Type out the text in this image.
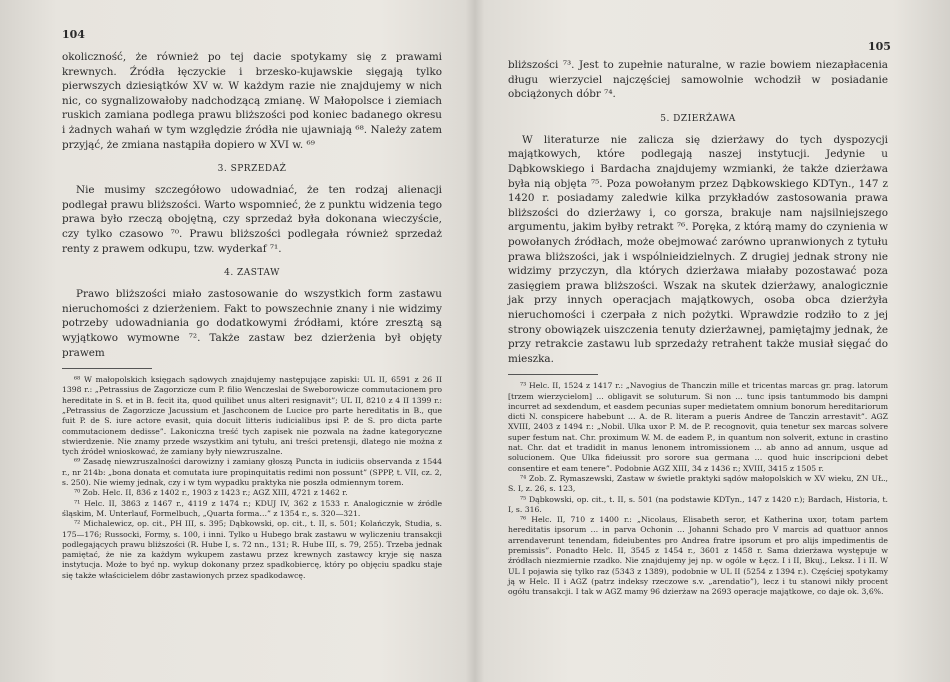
104

okoliczność, że również po tej dacie spotykamy się z prawami krewnych. Źródła łęczyckie i brzesko-kujawskie sięgają tylko pierwszych dziesiątków XV w. W każdym razie nie znajdujemy w nich nic, co sygnalizowałoby nadchodzącą zmianę. W Małopolsce i ziemiach ruskich zamiana podlega prawu bliższości pod koniec badanego okresu i żadnych wahań w tym względzie źródła nie ujawniają ⁶⁸. Należy zatem przyjąć, że zmiana nastąpiła dopiero w XVI w. ⁶⁹

3. SPRZEDAŻ

Nie musimy szczegółowo udowadniać, że ten rodzaj alienacji podlegał prawu bliższości. Warto wspomnieć, że z punktu widzenia tego prawa było rzeczą obojętną, czy sprzedaż była dokonana wieczyście, czy tylko czasowo ⁷⁰. Prawu bliższości podlegała również sprzedaż renty z prawem odkupu, tzw. wyderkaf ⁷¹.

4. ZASTAW

Prawo bliższości miało zastosowanie do wszystkich form zastawu nieruchomości z dzierżeniem. Fakt to powszechnie znany i nie widzimy potrzeby udowadniania go dodatkowymi źródłami, które zresztą są wyjątkowo wymowne ⁷². Także zastaw bez dzierżenia był objęty prawem

⁶⁸ W małopolskich księgach sądowych znajdujemy następujące zapiski: UL II, 6591 z 26 II 1398 r.: „Petrassius de Zagorzicze cum P. filio Wenczeslai de Sweborowicze commutacionem pro hereditate in S. et in B. fecit ita, quod quilibet unus alteri resignavit”; UL II, 8210 z 4 II 1399 r.: „Petrassius de Zagorzicze Jacussium et Jaschconem de Lucice pro parte hereditatis in B., que fuit P. de S. iure actore evasit, quia docuit litteris iudicialibus ipsi P. de S. pro dicta parte commutacionem dedisse”. Lakoniczna treść tych zapisek nie pozwala na żadne kategoryczne stwierdzenie. Nie znamy przede wszystkim ani tytułu, ani treści pretensji, dlatego nie można z tych źródeł wnioskować, że zamiany były niewzruszalne.

⁶⁹ Zasadę niewzruszalności darowizny i zamiany głoszą Puncta in iudiciis observanda z 1544 r., nr 214b: „bona donata et comutata iure propinquitatis redimi non possunt” (SPPP, t. VII, cz. 2, s. 250). Nie wiemy jednak, czy i w tym wypadku praktyka nie poszła odmiennym torem.

⁷⁰ Zob. Helc. II, 836 z 1402 r., 1903 z 1423 r.; AGZ XIII, 4721 z 1462 r.

⁷¹ Helc. II, 3863 z 1467 r., 4119 z 1474 r.; KDUJ IV, 362 z 1533 r. Analogicznie w źródle śląskim, M. Unterlauf, Formelbuch, „Quarta forma…” z 1354 r., s. 320—321.

⁷² Michalewicz, op. cit., PH III, s. 395; Dąbkowski, op. cit., t. II, s. 501; Kolańczyk, Studia, s. 175—176; Russocki, Formy, s. 100, i inni. Tylko u Hubego brak zastawu w wyliczeniu transakcji podlegających prawu bliższości (R. Hube I, s. 72 nn., 131; R. Hube III, s. 79, 255). Trzeba jednak pamiętać, że nie za każdym wykupem zastawu przez krewnych zastawcy kryje się nasza instytucja. Może to być np. wykup dokonany przez spadkobiercę, który po objęciu spadku staje się także właścicielem dóbr zastawionych przez spadkodawcę.

105

bliższości ⁷³. Jest to zupełnie naturalne, w razie bowiem niezapłacenia długu wierzyciel najczęściej samowolnie wchodził w posiadanie obciążonych dóbr ⁷⁴.

5. DZIERŻAWA

W literaturze nie zalicza się dzierżawy do tych dyspozycji majątkowych, które podlegają naszej instytucji. Jedynie u Dąbkowskiego i Bardacha znajdujemy wzmianki, że także dzierżawa była nią objęta ⁷⁵. Poza powołanym przez Dąbkowskiego KDTyn., 147 z 1420 r. posiadamy zaledwie kilka przykładów zastosowania prawa bliższości do dzierżawy i, co gorsza, brakuje nam najsilniejszego argumentu, jakim byłby retrakt ⁷⁶. Poręka, z którą mamy do czynienia w powołanych źródłach, może obejmować zarówno upranwionych z tytułu prawa bliższości, jak i wspólnieidzielnych. Z drugiej jednak strony nie widzimy przyczyn, dla których dzierżawa miałaby pozostawać poza zasięgiem prawa bliższości. Wszak na skutek dzierżawy, analogicznie jak przy innych operacjach majątkowych, osoba obca dzierżyła nieruchomości i czerpała z nich pożytki. Wprawdzie rodziło to z jej strony obowiązek uiszczenia tenuty dzierżawnej, pamiętajmy jednak, że przy retrakcie zastawu lub sprzedaży retrahent także musiał sięgać do mieszka.

⁷³ Helc. II, 1524 z 1417 r.: „Navogius de Thanczin mille et tricentas marcas gr. prag. latorum [trzem wierzycielom] … obligavit se soluturum. Si non … tunc ipsis tantummodo bis dampni incurret ad sexdendum, et easdem pecunias super medietatem omnium bonorum hereditariorum dicti N. conspicere habebunt … A. de R. literam a pueris Andree de Tanczin arrestavit”. AGZ XVIII, 2403 z 1494 r.: „Nobil. Ulka uxor P. M. de P. recognovit, quia tenetur sex marcas solvere super festum nat. Chr. proximum W. M. de eadem P., in quantum non solverit, extunc in crastino nat. Chr. dat et tradidit in manus lenonem intromissionem … ab anno ad annum, usque ad solucionem. Que Ulka fideiussit pro sorore sua germana … quod huic inscripcioni debet consentire et eam tenere”. Podobnie AGZ XIII, 34 z 1436 r.; XVIII, 3415 z 1505 r.

⁷⁴ Zob. Z. Rymaszewski, Zastaw w świetle praktyki sądów małopolskich w XV wieku, ZN UŁ., S. I, z. 26, s. 123,

⁷⁵ Dąbkowski, op. cit., t. II, s. 501 (na podstawie KDTyn., 147 z 1420 r.); Bardach, Historia, t. I, s. 316.

⁷⁶ Helc. II, 710 z 1400 r.: „Nicolaus, Elisabeth seror, et Katherina uxor, totam partem hereditatis ipsorum … in parva Ochonin … Johanni Schado pro V marcis ad quattuor annos arrendaverunt tenendam, fideiubentes pro Andrea fratre ipsorum et pro alijs impedimentis de premissis”. Ponadto Helc. II, 3545 z 1454 r., 3601 z 1458 r. Sama dzierżawa występuje w źródłach niezmiernie rzadko. Nie znajdujemy jej np. w ogóle w Łęcz. I i II, Bkuj., Leksz. I i II. W UL I pojawia się tylko raz (5343 z 1389), podobnie w UL II (5254 z 1394 r.). Częściej spotykamy ją w Helc. II i AGZ (patrz indeksy rzeczowe s.v. „arendatio”), lecz i tu stanowi nikły procent ogółu transakcji. I tak w AGZ mamy 96 dzierżaw na 2693 operacje majątkowe, co daje ok. 3,6%.
